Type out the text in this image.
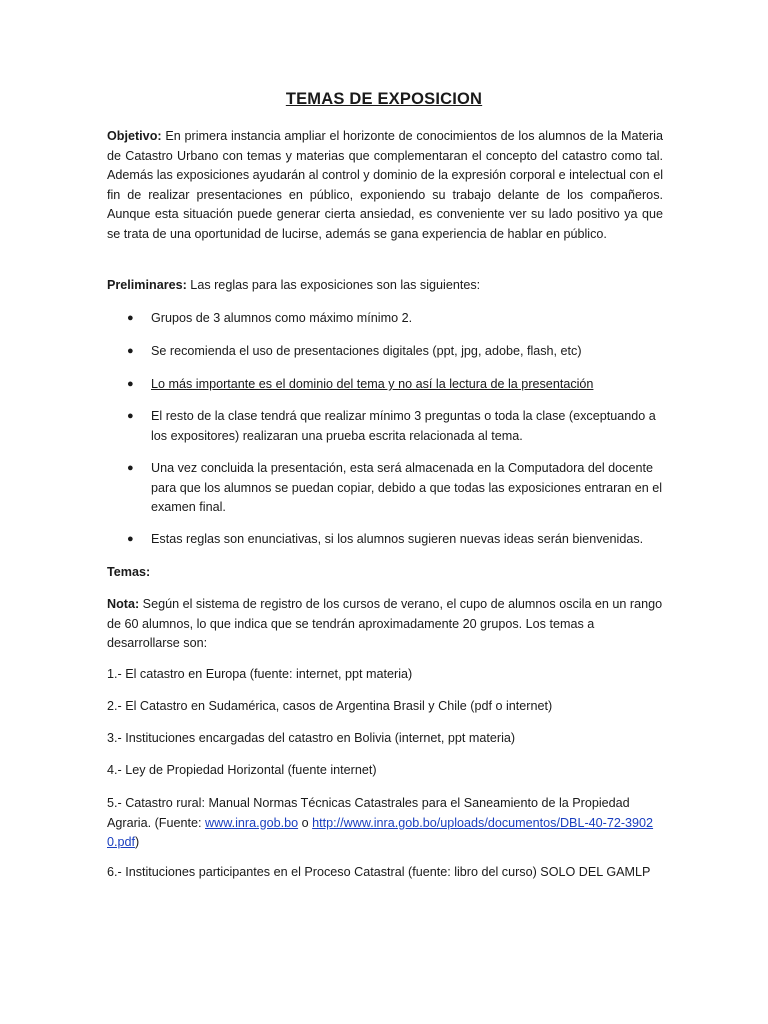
TEMAS DE EXPOSICION
Objetivo: En primera instancia ampliar el horizonte de conocimientos de los alumnos de la Materia de Catastro Urbano con temas y materias que complementaran el concepto del catastro como tal. Además las exposiciones ayudarán al control y dominio de la expresión corporal e intelectual con el fin de realizar presentaciones en público, exponiendo su trabajo delante de los compañeros. Aunque esta situación puede generar cierta ansiedad, es conveniente ver su lado positivo ya que se trata de una oportunidad de lucirse, además se gana experiencia de hablar en público.
Preliminares: Las reglas para las exposiciones son las siguientes:
●	Grupos de 3 alumnos como máximo mínimo 2.
●	Se recomienda el uso de presentaciones digitales (ppt, jpg, adobe, flash, etc)
●	Lo más importante es el dominio del tema y no así la lectura de la presentación
●	El resto de la clase tendrá que realizar mínimo 3 preguntas o toda la clase (exceptuando a los expositores) realizaran una prueba escrita relacionada al tema.
●	Una vez concluida la presentación, esta será almacenada en la Computadora del docente para que los alumnos se puedan copiar, debido a que todas las exposiciones entraran en el examen final.
●	Estas reglas son enunciativas, si los alumnos sugieren nuevas ideas serán bienvenidas.
Temas:
Nota: Según el sistema de registro de los cursos de verano, el cupo de alumnos oscila en un rango de 60 alumnos, lo que indica que se tendrán aproximadamente 20 grupos. Los temas a desarrollarse son:
1.- El catastro en Europa (fuente: internet, ppt materia)
2.- El Catastro en Sudamérica, casos de Argentina Brasil y Chile (pdf o internet)
3.- Instituciones encargadas del catastro en Bolivia (internet, ppt materia)
4.- Ley de Propiedad Horizontal (fuente internet)
5.- Catastro rural: Manual Normas Técnicas Catastrales para el Saneamiento de la Propiedad Agraria. (Fuente: www.inra.gob.bo o http://www.inra.gob.bo/uploads/documentos/DBL-40-72-39020.pdf)
6.- Instituciones participantes en el Proceso Catastral (fuente: libro del curso) SOLO DEL GAMLP
